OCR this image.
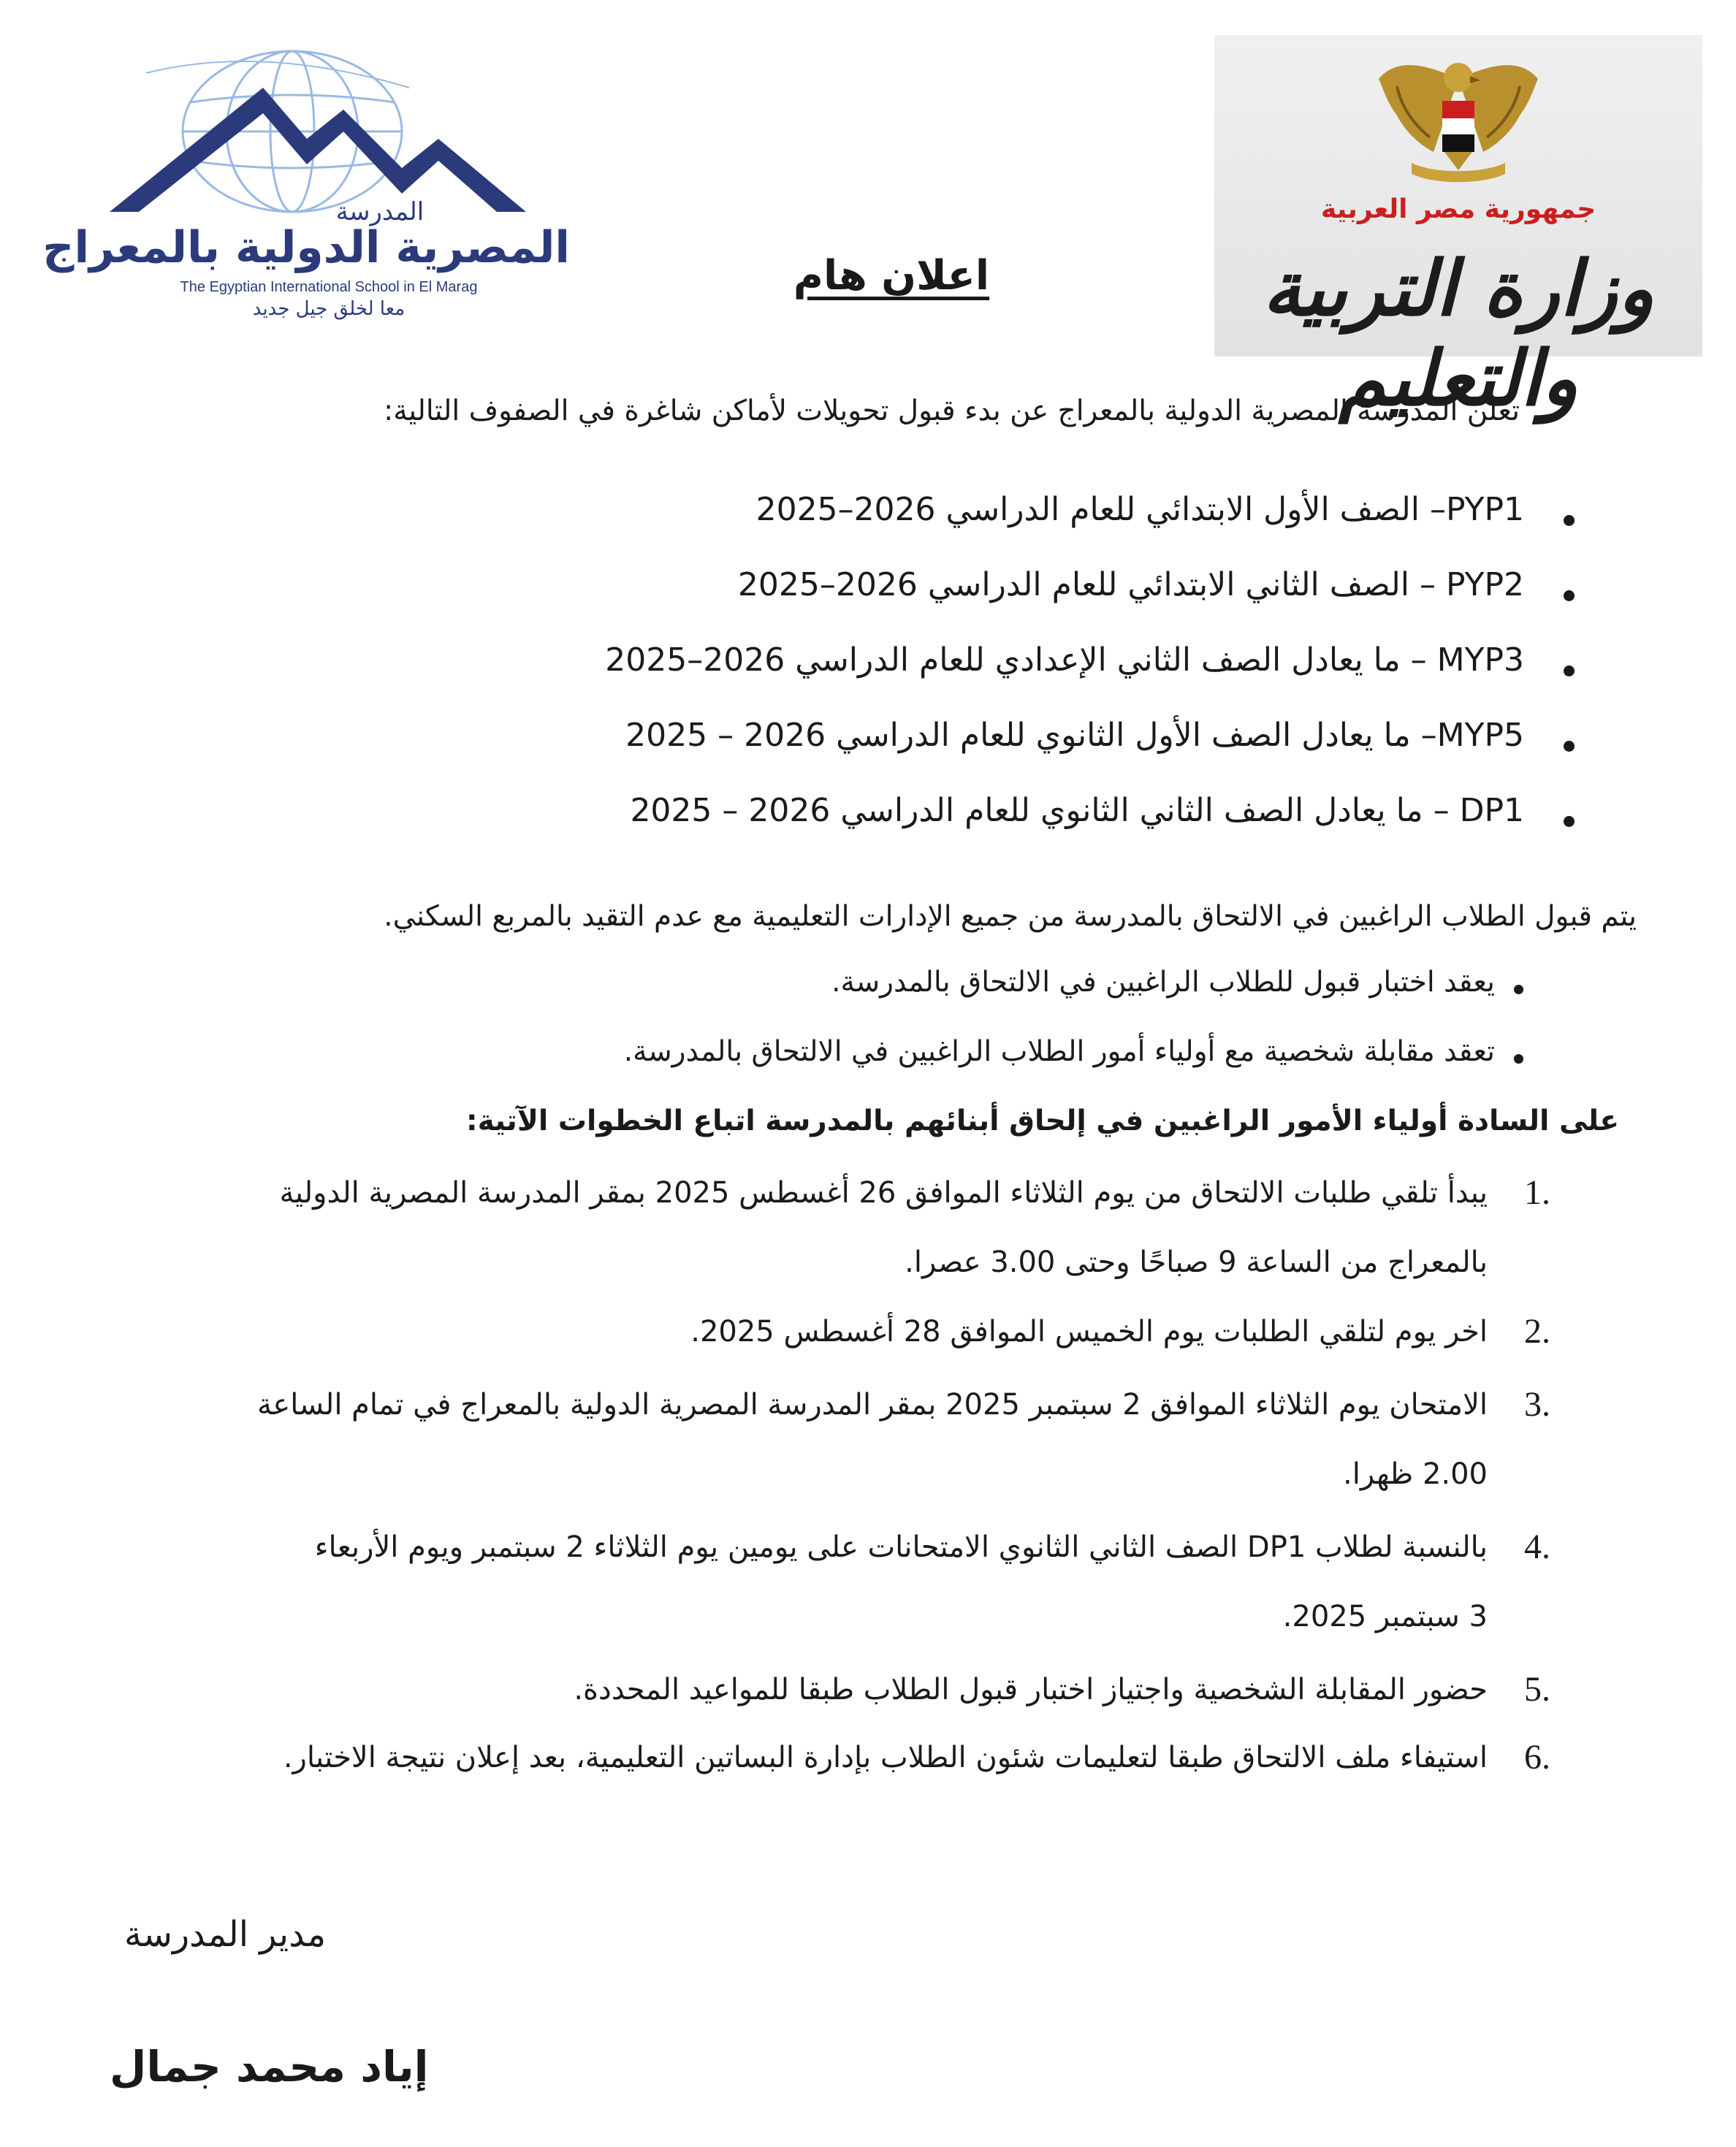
جمهورية مصر العربية
وزارة التربية والتعليم
المدرسة
المصرية الدولية بالمعراج
The Egyptian International School in El Marag
معا لخلق جيل جديد
اعلان هام
تعلن المدرسة المصرية الدولية بالمعراج عن بدء قبول تحويلات لأماكن شاغرة في الصفوف التالية:
PYP1– الصف الأول الابتدائي للعام الدراسي 2026–2025
PYP2 – الصف الثاني الابتدائي للعام الدراسي 2026–2025
MYP3 – ما يعادل الصف الثاني الإعدادي للعام الدراسي 2026–2025
MYP5– ما يعادل الصف الأول الثانوي للعام الدراسي 2026 – 2025
DP1 – ما يعادل الصف الثاني الثانوي للعام الدراسي 2026 – 2025
يتم قبول الطلاب الراغبين في الالتحاق بالمدرسة من جميع الإدارات التعليمية مع عدم التقيد بالمربع السكني.
يعقد اختبار قبول للطلاب الراغبين في الالتحاق بالمدرسة.
تعقد مقابلة شخصية مع أولياء أمور الطلاب الراغبين في الالتحاق بالمدرسة.
على السادة أولياء الأمور الراغبين في إلحاق أبنائهم بالمدرسة اتباع الخطوات الآتية:
1.
يبدأ تلقي طلبات الالتحاق من يوم الثلاثاء الموافق 26 أغسطس 2025 بمقر المدرسة المصرية الدولية
بالمعراج من الساعة 9 صباحًا وحتى 3.00 عصرا.
2.
اخر يوم لتلقي الطلبات يوم الخميس الموافق 28 أغسطس 2025.
3.
الامتحان يوم الثلاثاء الموافق 2 سبتمبر 2025 بمقر المدرسة المصرية الدولية بالمعراج في تمام الساعة
2.00 ظهرا.
4.
بالنسبة لطلاب DP1 الصف الثاني الثانوي الامتحانات على يومين يوم الثلاثاء 2 سبتمبر ويوم الأربعاء
3 سبتمبر 2025.
5.
حضور المقابلة الشخصية واجتياز اختبار قبول الطلاب طبقا للمواعيد المحددة.
6.
استيفاء ملف الالتحاق طبقا لتعليمات شئون الطلاب بإدارة البساتين التعليمية، بعد إعلان نتيجة الاختبار.
مدير المدرسة
إياد محمد جمال
